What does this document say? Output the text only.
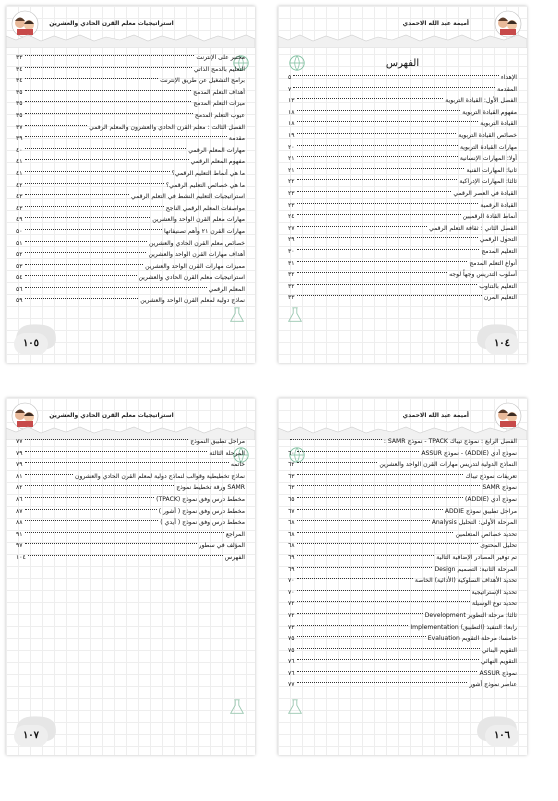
استراتيجيات معلم القرن الحادي والعشرين
مختبر على الإنترنت
٣٣
التعليم بالدمج الذاتي
٣٤
برامج التشغيل عن طريق الإنترنت
٣٤
أهداف التعلم المدمج
٣٥
ميزات التعلم المدمج
٣٥
عيوب التعلم المدمج
٣٥
الفصل الثالث : معلم القرن الحادي والعشرون والمعلم الرقمي
٣٧
مقدمة
٣٩
مهارات المعلم الرقمي
٤٠
مفهوم المعلم الرقمي
٤١
ما هي أنماط التعليم الرقمي؟
٤١
ما هي خصائص التعليم الرقمي؟
٤٢
استراتيجيات التعليم النشط في التعلم الرقمي
٤٣
مواصفات المعلم الرقمي الناجح
٤٣
مهارات معلم القرن الواحد والعشرين
٤٩
مهارات القرن ٢١ وأهم تصنيفاتها
٥٠
خصائص معلم القرن الحادي والعشرين
٥١
أهداف مهارات القرن الواحد والعشرين
٥٢
مميزات مهارات القرن الواحد والعشرين
٥٣
استراتيجيات معلم القرن الحادي والعشرين
٥٤
المعلم الرقمي
٥٦
نماذج دولية لمعلم القرن الواحد والعشرين
٥٩
١٠٥
أميمة عبد الله الاحمدي
الفهرس
الإهداء
٥
المقدمة
٧
الفصل الأول: القيادة التربوية
١٣
مفهوم القيادة التربوية
١٨
القيادة التربوية
١٨
خصائص القيادة التربوية
١٩
مهارات القيادة التربوية
٢٠
أولا: المهارات الإنسانية
٢١
ثانيا: المهارات الفنية
٢١
ثالثا: المهارات الإدراكية
٢٢
القيادة في العصر الرقمي
٢٣
القيادة الرقمية
٢٣
أنماط القادة الرقميين
٢٤
الفصل الثاني : ثقافة التعلم الرقمي
٢٧
التحول الرقمي
٢٩
التعليم المدمج
٣٠
أنواع التعلم المدمج
٣١
أسلوب التدريس وجهاً لوجه
٣٢
التعليم بالتناوب
٣٢
التعليم المرن
٣٣
١٠٤
استراتيجيات معلم القرن الحادي والعشرين
مراحل تطبيق النموذج
٧٧
المرحلة الثالثة
٧٩
خاتمه
٧٩
نماذج تخطيطية وقوالب لنماذج دولية لمعلم القرن الحادي والعشرون
٨١
SAMR ورقة تخطيط نموذج
٨٢
مخطط درس وفق نموذج (TPACK)
٨٦
مخطط درس وفق نموذج ( أشور )
٨٧
مخطط درس وفق نموذج ( أيدي )
٨٨
المراجع
٩١
المؤلف في سطور
٩٧
الفهرس
١٠٤
١٠٧
أميمة عبد الله الاحمدي
الفصل الرابع : نموذج تيباك TPACK - نموذج SAMR :
نموذج أدي (ADDIE) - نموذج ASSUR
٦٠
النماذج الدولية لتدريس مهارات القرن الواحد والعشرين
٦٢
تعريفات نموذج تيباك
٦٣
نموذج SAMR
٦٣
نموذج أدي (ADDIE)
٦٥
مراحل تطبيق نموذج ADDIE
٦٧
المرحلة الأولى: التحليل Analysis
٦٨
تحديد خصائص المتعلمين
٦٨
تحليل المحتوى
٦٨
تم توفير المصادر الإضافية التالية
٦٩
المرحلة الثانية: التصميم Design
٦٩
تحديد الأهداف السلوكية (الأدائية) الخاصة
٧٠
تحديد الإستراتيجية
٧٠
تحديد نوع الوسيلة
٧٢
ثالثا: مرحلة التطوير Development
٧٢
رابعا: التنفيذ (التطبيق) Implementation
٧٣
خامسا: مرحلة التقويم Evaluation
٧٥
التقويم البنائي
٧٥
التقويم النهائي
٧٦
نموذج ASSUR
٧٦
عناصر نموذج أشور
٧٧
١٠٦
